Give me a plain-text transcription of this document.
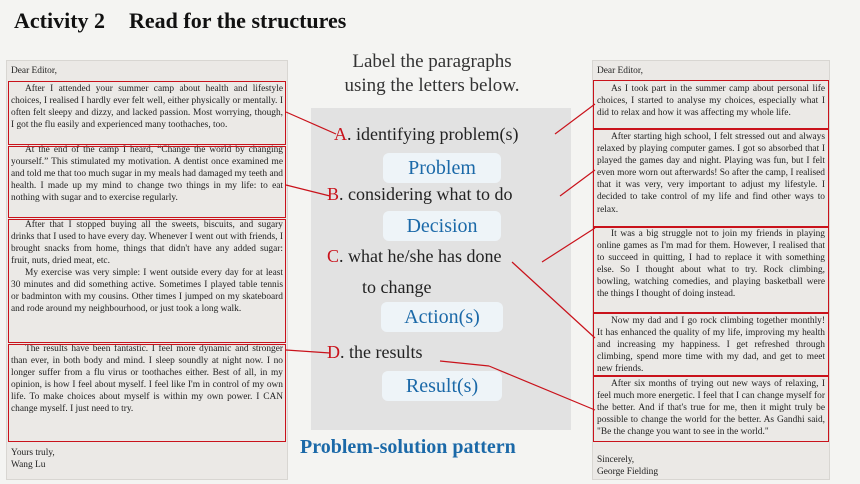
Activity 2 Read for the structures
Dear Editor,

After I attended your summer camp about health and lifestyle choices, I realised I hardly ever felt well, either physically or mentally. I often felt sleepy and dizzy, and lacked passion. Most worrying, though, I got the flu easily and experienced many toothaches, too.

At the end of the camp I heard, “Change the world by changing yourself.” This stimulated my motivation. A dentist once examined me and told me that too much sugar in my meals had damaged my teeth and health. I made up my mind to change two things in my life: to eat nothing with sugar and to exercise regularly.

After that I stopped buying all the sweets, biscuits, and sugary drinks that I used to have every day. Whenever I went out with friends, I brought snacks from home, things that didn't have any added sugar: fruit, nuts, dried meat, etc.

My exercise was very simple: I went outside every day for at least 30 minutes and did something active. Sometimes I played table tennis or badminton with my cousins. Other times I jumped on my skateboard and rode around my neighbourhood, or just took a long walk.

The results have been fantastic. I feel more dynamic and stronger than ever, in both body and mind. I sleep soundly at night now. I no longer suffer from a flu virus or toothaches either. Best of all, in my opinion, is how I feel about myself. I feel like I'm in control of my own life. To make choices about myself is within my own power. I CAN change myself. I just need to try.

Yours truly,
Wang Lu
Dear Editor,

As I took part in the summer camp about personal life choices, I started to analyse my choices, especially what I did to relax and how it was affecting my whole life.

After starting high school, I felt stressed out and always relaxed by playing computer games. I got so absorbed that I played the games day and night. Playing was fun, but I felt even more worn out afterwards! So after the camp, I realised that it was very, very important to adjust my lifestyle. I decided to take control of my life and find other ways to relax.

It was a big struggle not to join my friends in playing online games as I'm mad for them. However, I realised that to succeed in quitting, I had to replace it with something else. So I thought about what to try. Rock climbing, bowling, watching comedies, and playing basketball were the things I thought of doing instead.

Now my dad and I go rock climbing together monthly! It has enhanced the quality of my life, improving my health and increasing my happiness. I get refreshed through climbing, spend more time with my dad, and get to meet new friends.

After six months of trying out new ways of relaxing, I feel much more energetic. I feel that I can change myself for the better. And if that's true for me, then it might truly be possible to change the world for the better. As Gandhi said, "Be the change you want to see in the world."

Sincerely,
George Fielding
Label the paragraphs
using the letters below.
A. identifying problem(s)
Problem
B. considering what to do
Decision
C. what he/she has done
to change
Action(s)
D. the results
Result(s)
Problem-solution pattern
